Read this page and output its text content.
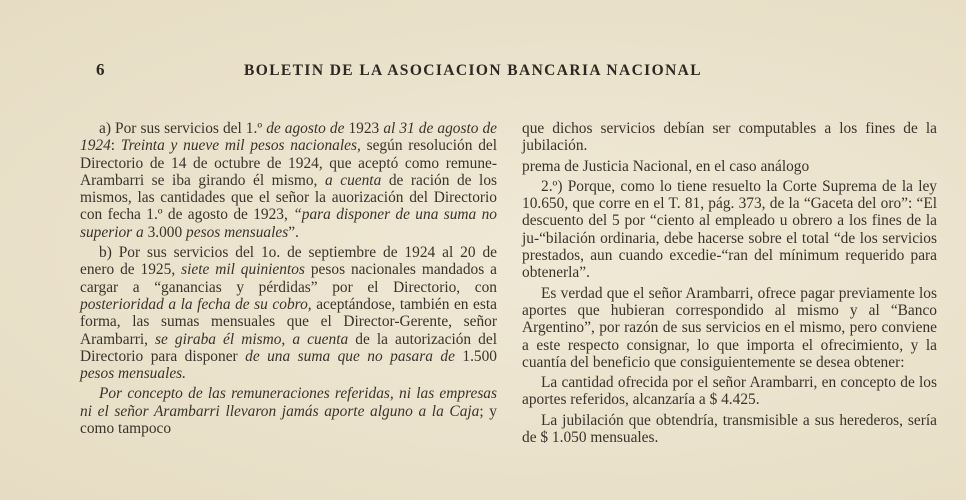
6	BOLETIN DE LA ASOCIACION BANCARIA NACIONAL

a) Por sus servicios del 1.º de agosto de 1923 al 31 de agosto de 1924: Treinta y nueve mil pesos nacionales, según resolución del Directorio de 14 de octubre de 1924, que aceptó como remune-Arambarri se iba girando él mismo, a cuenta de ración de los mismos, las cantidades que el señor la auorización del Directorio con fecha 1.º de agosto de 1923, “para disponer de una suma no superior a 3.000 pesos mensuales”.

b) Por sus servicios del 1o. de septiembre de 1924 al 20 de enero de 1925, siete mil quinientos pesos nacionales mandados a cargar a “ganancias y pérdidas” por el Directorio, con posterioridad a la fecha de su cobro, aceptándose, también en esta forma, las sumas mensuales que el Director-Gerente, señor Arambarri, se giraba él mismo, a cuenta de la autorización del Directorio para disponer de una suma que no pasara de 1.500 pesos mensuales.

Por concepto de las remuneraciones referidas, ni las empresas ni el señor Arambarri llevaron jamás aporte alguno a la Caja; y como tampoco

que dichos servicios debían ser computables a los fines de la jubilación.

prema de Justicia Nacional, en el caso análogo

2.º) Porque, como lo tiene resuelto la Corte Suprema de la ley 10.650, que corre en el T. 81, pág. 373, de la “Gaceta del oro”: “El descuento del 5 por “ciento al empleado u obrero a los fines de la ju-“bilación ordinaria, debe hacerse sobre el total “de los servicios prestados, aun cuando excedie-“ran del mínimum requerido para obtenerla”.

Es verdad que el señor Arambarri, ofrece pagar previamente los aportes que hubieran correspondido al mismo y al “Banco Argentino”, por razón de sus servicios en el mismo, pero conviene a este respecto consignar, lo que importa el ofrecimiento, y la cuantía del beneficio que consiguientemente se desea obtener:

La cantidad ofrecida por el señor Arambarri, en concepto de los aportes referidos, alcanzaría a $ 4.425.

La jubilación que obtendría, transmisible a sus herederos, sería de $ 1.050 mensuales.
